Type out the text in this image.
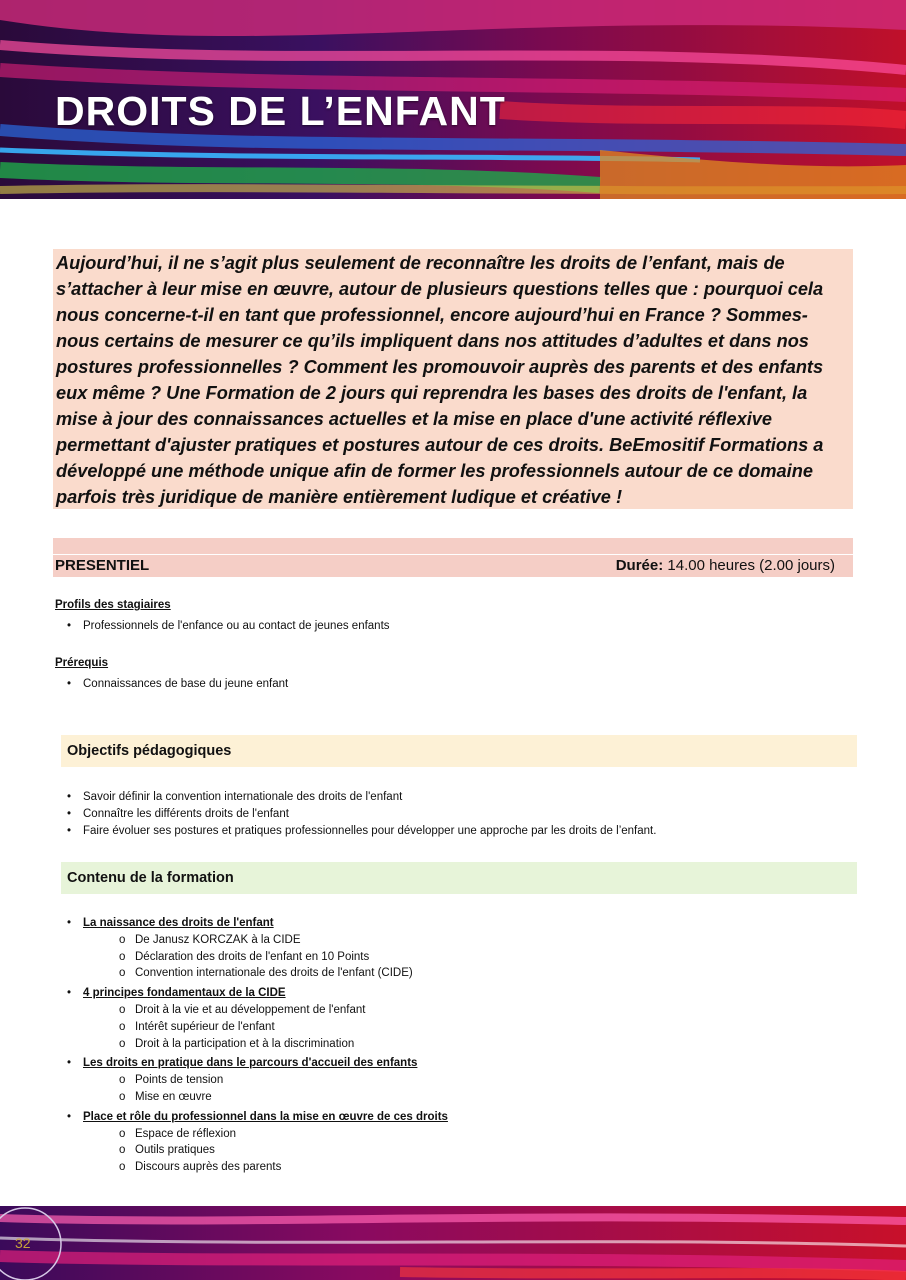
DROITS DE L’ENFANT

Aujourd’hui, il ne s’agit plus seulement de reconnaître les droits de l’enfant, mais de s’attacher à leur mise en œuvre, autour de plusieurs questions telles que : pourquoi cela nous concerne-t-il en tant que professionnel, encore aujourd’hui en France ? Sommes-nous certains de mesurer ce qu’ils impliquent dans nos attitudes d’adultes et dans nos postures professionnelles ? Comment les promouvoir auprès des parents et des enfants eux même ? Une Formation de 2 jours qui reprendra les bases des droits de l'enfant, la mise à jour des connaissances actuelles et la mise en place d'une activité réflexive permettant d'ajuster pratiques et postures autour de ces droits. BeEmositif Formations a développé une méthode unique afin de former les professionnels autour de ce domaine parfois très juridique de manière entièrement ludique et créative !

PRESENTIEL	Durée: 14.00 heures (2.00 jours)
Profils des stagiaires
• Professionnels de l'enfance ou au contact de jeunes enfants
Prérequis
• Connaissances de base du jeune enfant
Objectifs pédagogiques
• Savoir définir la convention internationale des droits de l'enfant
• Connaître les différents droits de l'enfant
• Faire évoluer ses postures et pratiques professionnelles pour développer une approche par les droits de l’enfant.
Contenu de la formation
• La naissance des droits de l'enfant
o De Janusz KORCZAK à la CIDE
o Déclaration des droits de l'enfant en 10 Points
o Convention internationale des droits de l'enfant (CIDE)
• 4 principes fondamentaux de la CIDE
o Droit à la vie et au développement de l'enfant
o Intérêt supérieur de l'enfant
o Droit à la participation et à la discrimination
• Les droits en pratique dans le parcours d'accueil des enfants
o Points de tension
o Mise en œuvre
• Place et rôle du professionnel dans la mise en œuvre de ces droits
o Espace de réflexion
o Outils pratiques
o Discours auprès des parents
32
